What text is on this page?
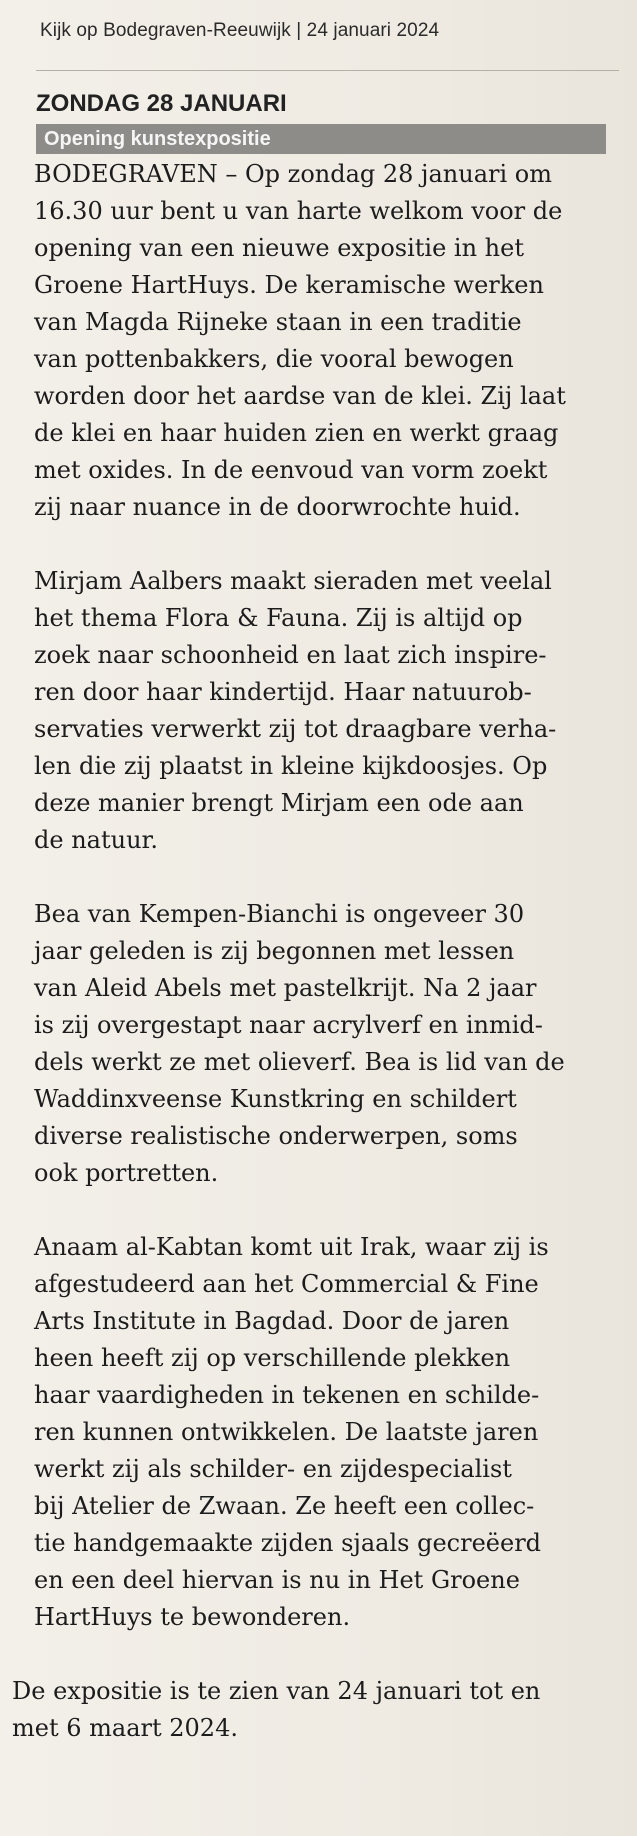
Kijk op Bodegraven-Reeuwijk | 24 januari 2024
ZONDAG 28 JANUARI
Opening kunstexpositie

BODEGRAVEN – Op zondag 28 januari om
16.30 uur bent u van harte welkom voor de
opening van een nieuwe expositie in het
Groene HartHuys. De keramische werken
van Magda Rijneke staan in een traditie
van pottenbakkers, die vooral bewogen
worden door het aardse van de klei. Zij laat
de klei en haar huiden zien en werkt graag
met oxides. In de eenvoud van vorm zoekt
zij naar nuance in de doorwrochte huid.

Mirjam Aalbers maakt sieraden met veelal
het thema Flora & Fauna. Zij is altijd op
zoek naar schoonheid en laat zich inspire-
ren door haar kindertijd. Haar natuurob-
servaties verwerkt zij tot draagbare verha-
len die zij plaatst in kleine kijkdoosjes. Op
deze manier brengt Mirjam een ode aan
de natuur.

Bea van Kempen-Bianchi is ongeveer 30
jaar geleden is zij begonnen met lessen
van Aleid Abels met pastelkrijt. Na 2 jaar
is zij overgestapt naar acrylverf en inmid-
dels werkt ze met olieverf. Bea is lid van de
Waddinxveense Kunstkring en schildert
diverse realistische onderwerpen, soms
ook portretten.

Anaam al-Kabtan komt uit Irak, waar zij is
afgestudeerd aan het Commercial & Fine
Arts Institute in Bagdad. Door de jaren
heen heeft zij op verschillende plekken
haar vaardigheden in tekenen en schilde-
ren kunnen ontwikkelen. De laatste jaren
werkt zij als schilder- en zijdespecialist
bij Atelier de Zwaan. Ze heeft een collec-
tie handgemaakte zijden sjaals gecreëerd
en een deel hiervan is nu in Het Groene
HartHuys te bewonderen.

De expositie is te zien van 24 januari tot en
met 6 maart 2024.
